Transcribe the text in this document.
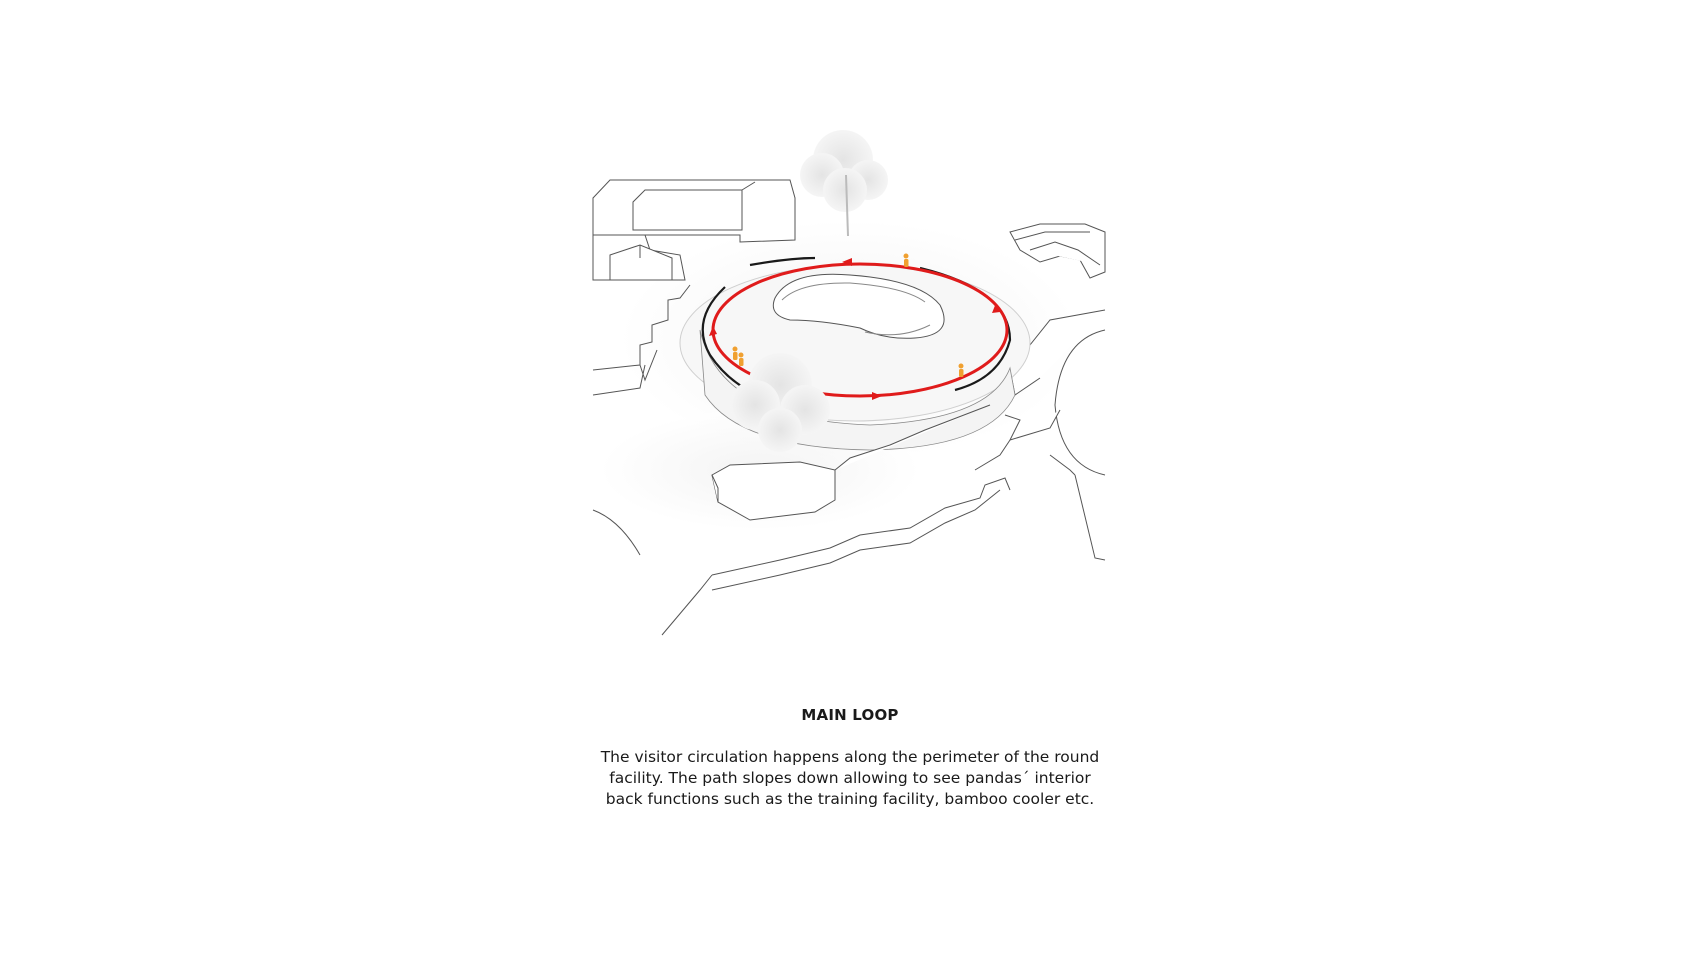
MAIN LOOP
The visitor circulation happens along the perimeter of the round
facility. The path slopes down allowing to see pandas´ interior
back functions such as the training facility, bamboo cooler etc.
